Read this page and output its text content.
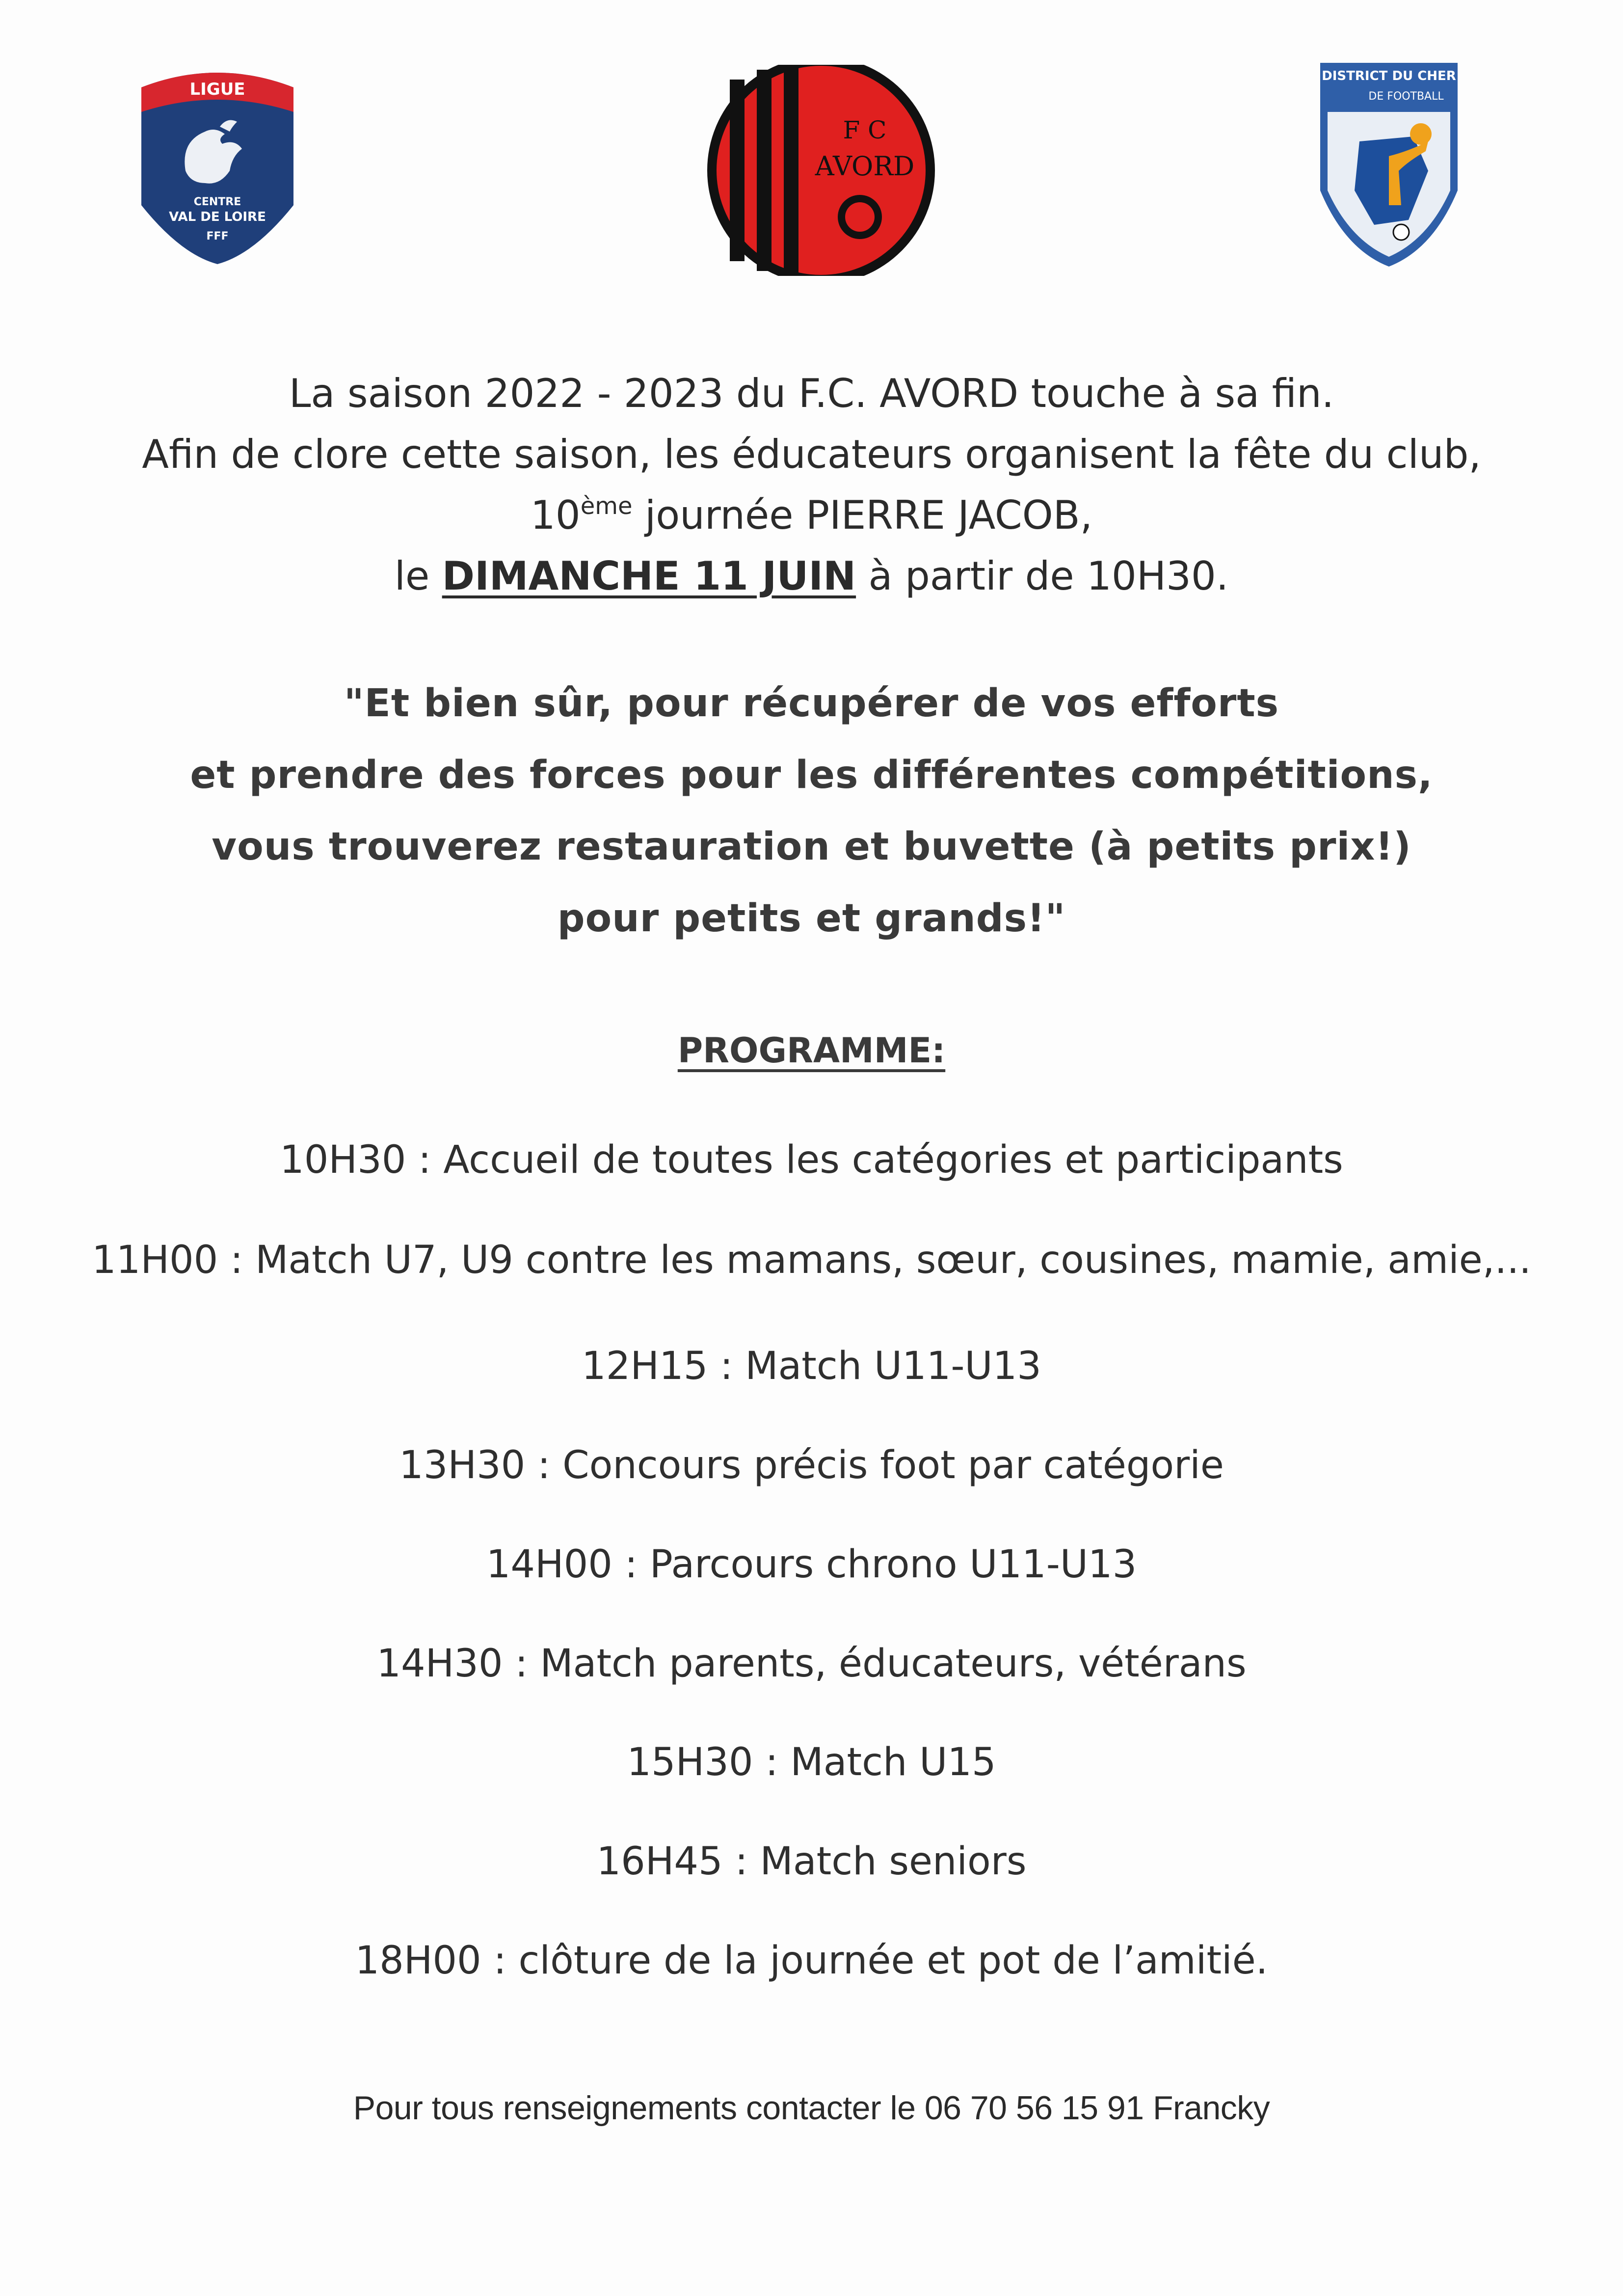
LIGUE
CENTRE
VAL DE LOIRE
FFF
F C
AVORD
DISTRICT DU CHER
DE FOOTBALL
La saison 2022 - 2023 du F.C. AVORD touche à sa fin.
Afin de clore cette saison, les éducateurs organisent la fête du club,
10ème journée PIERRE JACOB,
le DIMANCHE 11 JUIN à partir de 10H30.
"Et bien sûr, pour récupérer de vos efforts
et prendre des forces pour les différentes compétitions,
vous trouverez restauration et buvette (à petits prix!)
pour petits et grands!"
PROGRAMME:
10H30 : Accueil de toutes les catégories et participants
11H00 : Match U7, U9 contre les mamans, sœur, cousines, mamie, amie,...
12H15 : Match U11-U13
13H30 : Concours précis foot par catégorie
14H00 : Parcours chrono U11-U13
14H30 : Match parents, éducateurs, vétérans
15H30 : Match U15
16H45 : Match seniors
18H00 : clôture de la journée et pot de l’amitié.
Pour tous renseignements contacter le 06 70 56 15 91 Francky
